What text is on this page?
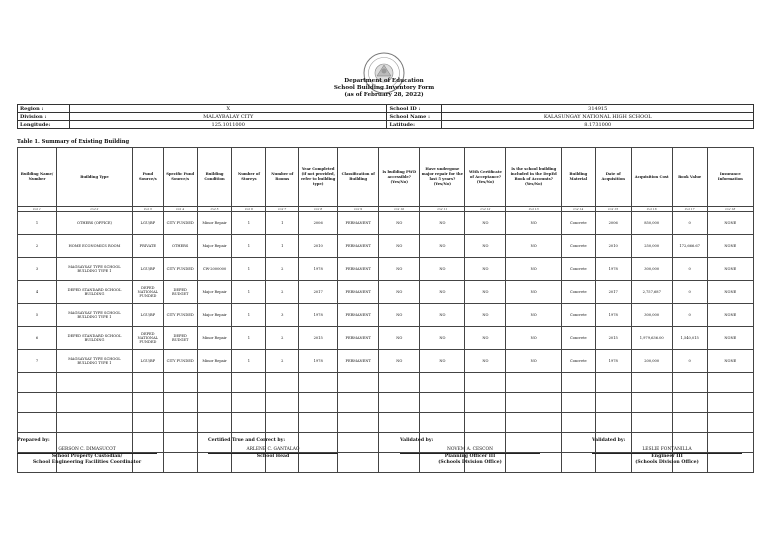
Department of Education
School Building Inventory Form
(as of February 28, 2022)
Region :	X	School ID :	314915
Division :	MALAYBALAY CITY	School Name :	KALASUNGAY NATIONAL HIGH SCHOOL
Longitude:	125.1011000	Latitude:	8.1731000
Table 1. Summary of Existing Building
Building Name/ Number	Building Type	Fund Source/s	Specific Fund Source/s	Building Condition	Number of Storeys	Number of Rooms	Year Completed (if not provided, refer to building type)	Classification of Building	Is building PWD accessible? (Yes/No)	Have undergone major repair for the last 5 years? (Yes/No)	With Certificate of Acceptance? (Yes/No)	Is the school building included in the DepEd Book of Accounts? (Yes/No)	Building Material	Date of Acquisition	Acquisition Cost	Book Value	Insurance Information
Col 1	Col 2	Col 3	Col 4	Col 5	Col 6	Col 7	Col 8	Col 9	Col 10	Col 11	Col 12	Col 13	Col 14	Col 15	Col 16	Col 17	Col 18
1	OTHERS (OFFICE)	LGU/BP	CITY FUNDED	Minor Repair	1	1	2006	PERMANENT	NO	NO	NO	NO	Concrete	2006	850,000	0	NONE
2	HOME ECONOMICS ROOM	PRIVATE	OTHERS	Major Repair	1	1	2010	PERMANENT	NO	NO	NO	NO	Concrete	2010	250,000	172,666.67	NONE
3	MAGSAYSAY TYPE SCHOOL BUILDING TYPE 1	LGU/BP	CITY FUNDED	CW-2000000	1	2	1978	PERMANENT	NO	NO	NO	NO	Concrete	1978	300,000	0	NONE
4	DEPED STANDARD SCHOOL BUILDING	DEPED NATIONAL FUNDED	DEPED BUDGET	Major Repair	1	2	2017	PERMANENT	NO	NO	NO	NO	Concrete	2017	2,757,687	0	NONE
5	MAGSAYSAY TYPE SCHOOL BUILDING TYPE 1	LGU/BP	CITY FUNDED	Major Repair	1	3	1978	PERMANENT	NO	NO	NO	NO	Concrete	1978	300,000	0	NONE
6	DEPED STANDARD SCHOOL BUILDING	DEPED NATIONAL FUNDED	DEPED BUDGET	Minor Repair	1	2	2015	PERMANENT	NO	NO	NO	NO	Concrete	2015	1,979,636.00	1,540,015	NONE
7	MAGSAYSAY TYPE SCHOOL BUILDING TYPE 1	LGU/BP	CITY FUNDED	Minor Repair	1	2	1978	PERMANENT	NO	NO	NO	NO	Concrete	1978	200,000	0	NONE

Prepared by:
GERSON C. DIMASUCOT
School Property Custodian/
School Engineering Facilities Coordinator
Certified True and Correct by:
ARLENE C. GANTALAO
School Head
Validated by:
NOVEM A. CESCON
Planning Officer III
(Schools Division Office)
Validated by:
LESLIE FONTANILLA
Engineer III
(Schools Division Office)
